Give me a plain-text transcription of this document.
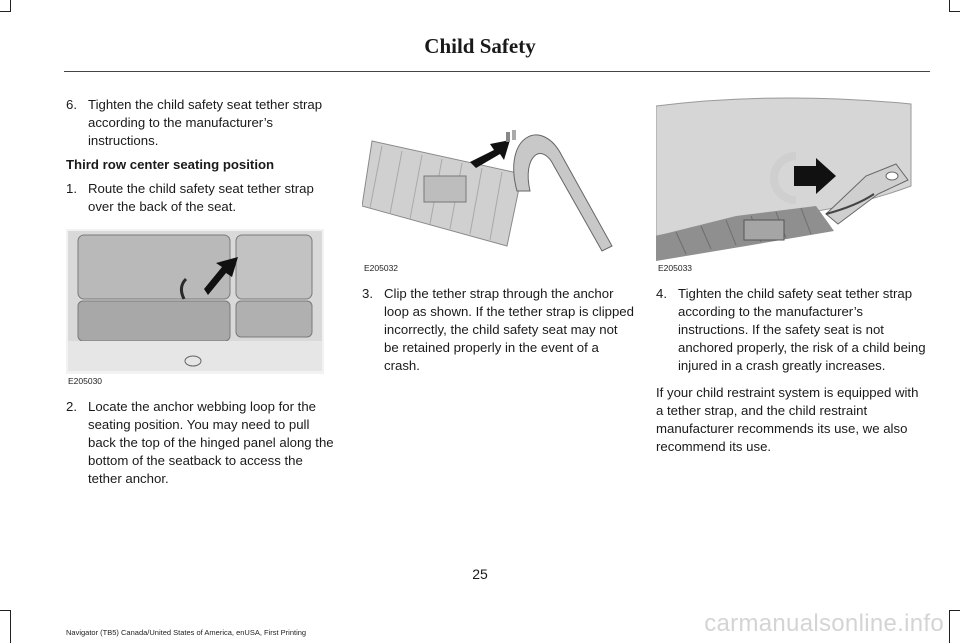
Child Safety
6. Tighten the child safety seat tether strap according to the manufacturer’s instructions.

Third row center seating position

1. Route the child safety seat tether strap over the back of the seat.
E205030
2. Locate the anchor webbing loop for the seating position. You may need to pull back the top of the hinged panel along the bottom of the seatback to access the tether anchor.
E205032
3. Clip the tether strap through the anchor loop as shown. If the tether strap is clipped incorrectly, the child safety seat may not be retained properly in the event of a crash.
E205033
4. Tighten the child safety seat tether strap according to the manufacturer’s instructions. If the safety seat is not anchored properly, the risk of a child being injured in a crash greatly increases.

If your child restraint system is equipped with a tether strap, and the child restraint manufacturer recommends its use, we also recommend its use.

25
Navigator (TB5) Canada/United States of America, enUSA, First Printing	carmanualsonline.info
